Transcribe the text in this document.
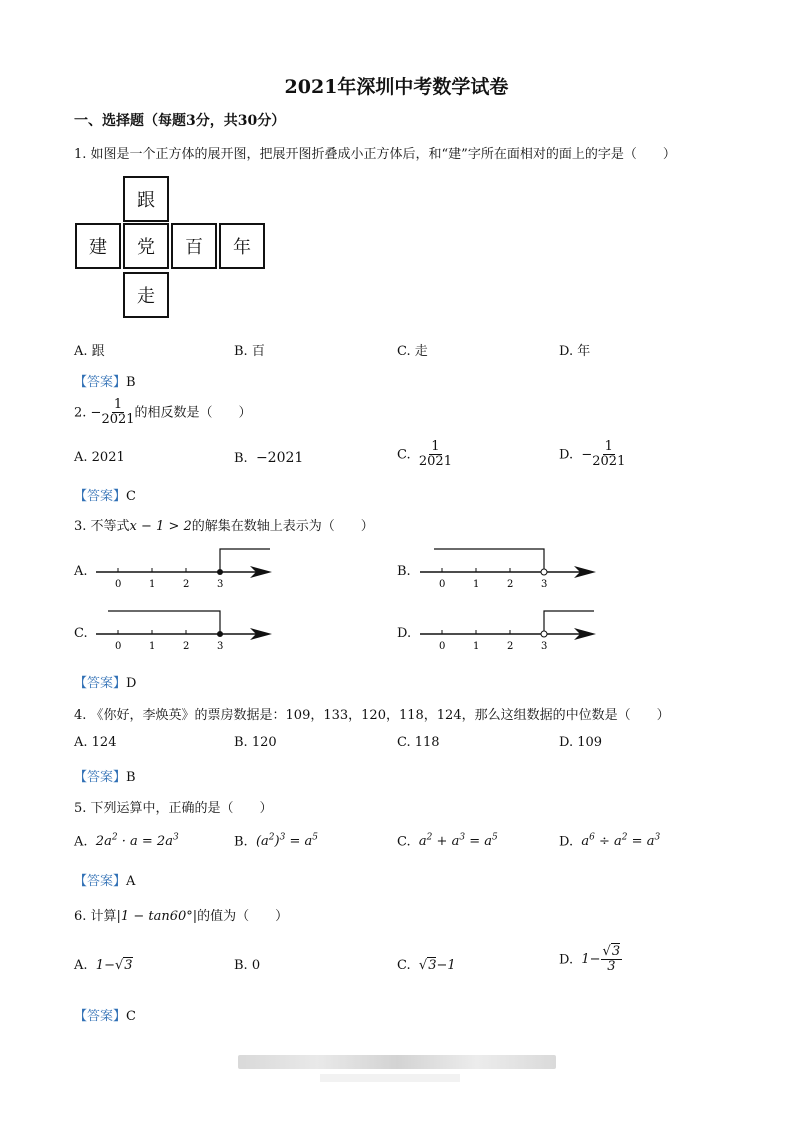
2021年深圳中考数学试卷
一、选择题（每题3分，共30分）
1. 如图是一个正方体的展开图，把展开图折叠成小正方体后，和“建”字所在面相对的面上的字是（　　）
跟
建	党	百	年
走
A. 跟	B. 百	C. 走	D. 年
【答案】B
2. − $\frac{1}{2021}$ 的相反数是（　　）
A. 2021	B. −2021	C. $\frac{1}{2021}$	D. − $\frac{1}{2021}$
【答案】C
3. 不等式x − 1 > 2的解集在数轴上表示为（　　）
A.	B.
C.	D.
0	1	2	3	0	1	2	3
0	1	2	3	0	1	2	3
【答案】D
4. 《你好，李焕英》的票房数据是：109，133，120，118，124，那么这组数据的中位数是（　　）
A. 124	B. 120	C. 118	D. 109
【答案】B
5. 下列运算中，正确的是（　　）
A. $2a^2 \cdot a = 2a^3$	B. $(a^2)^3 = a^5$	C. $a^2 + a^3 = a^5$	D. $a^6 \div a^2 = a^3$
【答案】A
6. 计算|1 − tan60°|的值为（　　）
A. 1−√3	B. 0	C. √3−1	D. $1- \frac{√3}{3}$
【答案】C
